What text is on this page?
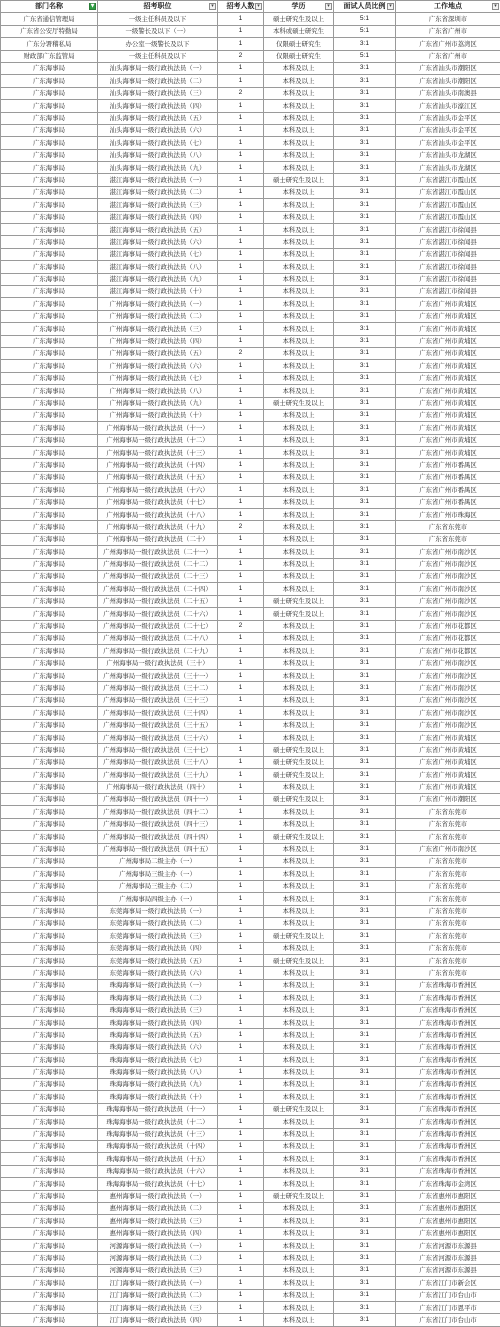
部门名称 ▼	招考职位 ▾	招考人数 ▾	学历 ▾	面试人员比例 ▾	工作地点 ▾

广东省通信管理局	一级主任科员及以下	1	硕士研究生及以上	5:1	广东省深圳市
广东省公安厅特勤局	一级警长及以下（一）	1	本科或硕士研究生	5:1	广东省广州市
广东分署稽私局	办公室一级警长及以下	1	仅限硕士研究生	3:1	广东省广州市荔湾区
财政部广东监管局	一级主任科员及以下	2	仅限硕士研究生	5:1	广东省广州市
广东海事局	汕头海事局一级行政执法员（一）	1	本科及以上	3:1	广东省汕头市潮阳区
广东海事局	汕头海事局一级行政执法员（二）	1	本科及以上	3:1	广东省汕头市潮阳区
广东海事局	汕头海事局一级行政执法员（三）	2	本科及以上	3:1	广东省汕头市南澳县
广东海事局	汕头海事局一级行政执法员（四）	1	本科及以上	3:1	广东省汕头市濠江区
广东海事局	汕头海事局一级行政执法员（五）	1	本科及以上	3:1	广东省汕头市金平区
广东海事局	汕头海事局一级行政执法员（六）	1	本科及以上	3:1	广东省汕头市金平区
广东海事局	汕头海事局一级行政执法员（七）	1	本科及以上	3:1	广东省汕头市金平区
广东海事局	汕头海事局一级行政执法员（八）	1	本科及以上	3:1	广东省汕头市龙湖区
广东海事局	汕头海事局一级行政执法员（九）	1	本科及以上	3:1	广东省汕头市龙湖区
广东海事局	湛江海事局一级行政执法员（一）	1	硕士研究生及以上	3:1	广东省湛江市霞山区
广东海事局	湛江海事局一级行政执法员（二）	1	本科及以上	3:1	广东省湛江市霞山区
广东海事局	湛江海事局一级行政执法员（三）	1	本科及以上	3:1	广东省湛江市霞山区
广东海事局	湛江海事局一级行政执法员（四）	1	本科及以上	3:1	广东省湛江市霞山区
广东海事局	湛江海事局一级行政执法员（五）	1	本科及以上	3:1	广东省湛江市徐闻县
广东海事局	湛江海事局一级行政执法员（六）	1	本科及以上	3:1	广东省湛江市徐闻县
广东海事局	湛江海事局一级行政执法员（七）	1	本科及以上	3:1	广东省湛江市徐闻县
广东海事局	湛江海事局一级行政执法员（八）	1	本科及以上	3:1	广东省湛江市徐闻县
广东海事局	湛江海事局一级行政执法员（九）	1	本科及以上	3:1	广东省湛江市徐闻县
广东海事局	湛江海事局一级行政执法员（十）	1	本科及以上	3:1	广东省湛江市徐闻县
广东海事局	广州海事局一级行政执法员（一）	1	本科及以上	3:1	广东省广州市黄埔区
广东海事局	广州海事局一级行政执法员（二）	1	本科及以上	3:1	广东省广州市黄埔区
广东海事局	广州海事局一级行政执法员（三）	1	本科及以上	3:1	广东省广州市黄埔区
广东海事局	广州海事局一级行政执法员（四）	1	本科及以上	3:1	广东省广州市黄埔区
广东海事局	广州海事局一级行政执法员（五）	2	本科及以上	3:1	广东省广州市黄埔区
广东海事局	广州海事局一级行政执法员（六）	1	本科及以上	3:1	广东省广州市黄埔区
广东海事局	广州海事局一级行政执法员（七）	1	本科及以上	3:1	广东省广州市黄埔区
广东海事局	广州海事局一级行政执法员（八）	1	本科及以上	3:1	广东省广州市黄埔区
广东海事局	广州海事局一级行政执法员（九）	1	硕士研究生及以上	3:1	广东省广州市黄埔区
广东海事局	广州海事局一级行政执法员（十）	1	本科及以上	3:1	广东省广州市黄埔区
广东海事局	广州海事局一级行政执法员（十一）	1	本科及以上	3:1	广东省广州市黄埔区
广东海事局	广州海事局一级行政执法员（十二）	1	本科及以上	3:1	广东省广州市黄埔区
广东海事局	广州海事局一级行政执法员（十三）	1	本科及以上	3:1	广东省广州市黄埔区
广东海事局	广州海事局一级行政执法员（十四）	1	本科及以上	3:1	广东省广州市番禺区
广东海事局	广州海事局一级行政执法员（十五）	1	本科及以上	3:1	广东省广州市番禺区
广东海事局	广州海事局一级行政执法员（十六）	1	本科及以上	3:1	广东省广州市番禺区
广东海事局	广州海事局一级行政执法员（十七）	1	本科及以上	3:1	广东省广州市番禺区
广东海事局	广州海事局一级行政执法员（十八）	1	本科及以上	3:1	广东省广州市珠海区
广东海事局	广州海事局一级行政执法员（十九）	2	本科及以上	3:1	广东省东莞市
广东海事局	广州海事局一级行政执法员（二十）	1	本科及以上	3:1	广东省东莞市
广东海事局	广州海事局一级行政执法员（二十一）	1	本科及以上	3:1	广东省广州市南沙区
广东海事局	广州海事局一级行政执法员（二十二）	1	本科及以上	3:1	广东省广州市南沙区
广东海事局	广州海事局一级行政执法员（二十三）	1	本科及以上	3:1	广东省广州市南沙区
广东海事局	广州海事局一级行政执法员（二十四）	1	本科及以上	3:1	广东省广州市南沙区
广东海事局	广州海事局一级行政执法员（二十五）	1	硕士研究生及以上	3:1	广东省广州市南沙区
广东海事局	广州海事局一级行政执法员（二十六）	1	硕士研究生及以上	3:1	广东省广州市南沙区
广东海事局	广州海事局一级行政执法员（二十七）	2	本科及以上	3:1	广东省广州市花都区
广东海事局	广州海事局一级行政执法员（二十八）	1	本科及以上	3:1	广东省广州市花都区
广东海事局	广州海事局一级行政执法员（二十九）	1	本科及以上	3:1	广东省广州市花都区
广东海事局	广州海事局一级行政执法员（三十）	1	本科及以上	3:1	广东省广州市南沙区
广东海事局	广州海事局一级行政执法员（三十一）	1	本科及以上	3:1	广东省广州市南沙区
广东海事局	广州海事局一级行政执法员（三十二）	1	本科及以上	3:1	广东省广州市南沙区
广东海事局	广州海事局一级行政执法员（三十三）	1	本科及以上	3:1	广东省广州市南沙区
广东海事局	广州海事局一级行政执法员（三十四）	1	本科及以上	3:1	广东省广州市南沙区
广东海事局	广州海事局一级行政执法员（三十五）	1	本科及以上	3:1	广东省广州市南沙区
广东海事局	广州海事局一级行政执法员（三十六）	1	本科及以上	3:1	广东省广州市黄埔区
广东海事局	广州海事局一级行政执法员（三十七）	1	硕士研究生及以上	3:1	广东省广州市黄埔区
广东海事局	广州海事局一级行政执法员（三十八）	1	硕士研究生及以上	3:1	广东省广州市黄埔区
广东海事局	广州海事局一级行政执法员（三十九）	1	硕士研究生及以上	3:1	广东省广州市黄埔区
广东海事局	广州海事局一级行政执法员（四十）	1	本科及以上	3:1	广东省广州市黄埔区
广东海事局	广州海事局一级行政执法员（四十一）	1	硕士研究生及以上	3:1	广东省广州市潮阳区
广东海事局	广州海事局一级行政执法员（四十二）	1	本科及以上	3:1	广东省东莞市
广东海事局	广州海事局一级行政执法员（四十三）	1	本科及以上	3:1	广东省东莞市
广东海事局	广州海事局一级行政执法员（四十四）	1	硕士研究生及以上	3:1	广东省东莞市
广东海事局	广州海事局一级行政执法员（四十五）	1	本科及以上	3:1	广东省广州市南沙区
广东海事局	广州海事局二级主办（一）	1	本科及以上	3:1	广东省东莞市
广东海事局	广州海事局三级主办（一）	1	本科及以上	3:1	广东省东莞市
广东海事局	广州海事局三级主办（二）	1	本科及以上	3:1	广东省东莞市
广东海事局	广州海事局四级主办（一）	1	本科及以上	3:1	广东省东莞市
广东海事局	东莞海事局一级行政执法员（一）	1	本科及以上	3:1	广东省东莞市
广东海事局	东莞海事局一级行政执法员（二）	1	本科及以上	3:1	广东省东莞市
广东海事局	东莞海事局一级行政执法员（三）	1	硕士研究生及以上	3:1	广东省东莞市
广东海事局	东莞海事局一级行政执法员（四）	1	本科及以上	3:1	广东省东莞市
广东海事局	东莞海事局一级行政执法员（五）	1	硕士研究生及以上	3:1	广东省东莞市
广东海事局	东莞海事局一级行政执法员（六）	1	本科及以上	3:1	广东省东莞市
广东海事局	珠海海事局一级行政执法员（一）	1	本科及以上	3:1	广东省珠海市香洲区
广东海事局	珠海海事局一级行政执法员（二）	1	本科及以上	3:1	广东省珠海市香洲区
广东海事局	珠海海事局一级行政执法员（三）	1	本科及以上	3:1	广东省珠海市香洲区
广东海事局	珠海海事局一级行政执法员（四）	1	本科及以上	3:1	广东省珠海市香洲区
广东海事局	珠海海事局一级行政执法员（五）	1	本科及以上	3:1	广东省珠海市香洲区
广东海事局	珠海海事局一级行政执法员（六）	1	本科及以上	3:1	广东省珠海市香洲区
广东海事局	珠海海事局一级行政执法员（七）	1	本科及以上	3:1	广东省珠海市香洲区
广东海事局	珠海海事局一级行政执法员（八）	1	本科及以上	3:1	广东省珠海市香洲区
广东海事局	珠海海事局一级行政执法员（九）	1	本科及以上	3:1	广东省珠海市香洲区
广东海事局	珠海海事局一级行政执法员（十）	1	本科及以上	3:1	广东省珠海市香洲区
广东海事局	珠海海事局一级行政执法员（十一）	1	硕士研究生及以上	3:1	广东省珠海市香洲区
广东海事局	珠海海事局一级行政执法员（十二）	1	本科及以上	3:1	广东省珠海市香洲区
广东海事局	珠海海事局一级行政执法员（十三）	1	本科及以上	3:1	广东省珠海市香洲区
广东海事局	珠海海事局一级行政执法员（十四）	1	本科及以上	3:1	广东省珠海市香洲区
广东海事局	珠海海事局一级行政执法员（十五）	1	本科及以上	3:1	广东省珠海市香洲区
广东海事局	珠海海事局一级行政执法员（十六）	1	本科及以上	3:1	广东省珠海市香洲区
广东海事局	珠海海事局一级行政执法员（十七）	1	本科及以上	3:1	广东省珠海市金湾区
广东海事局	惠州海事局一级行政执法员（一）	1	硕士研究生及以上	3:1	广东省惠州市惠阳区
广东海事局	惠州海事局一级行政执法员（二）	1	本科及以上	3:1	广东省惠州市惠阳区
广东海事局	惠州海事局一级行政执法员（三）	1	本科及以上	3:1	广东省惠州市惠阳区
广东海事局	惠州海事局一级行政执法员（四）	1	本科及以上	3:1	广东省惠州市惠阳区
广东海事局	河源海事局一级行政执法员（一）	1	本科及以上	3:1	广东省河源市东源县
广东海事局	河源海事局一级行政执法员（二）	1	本科及以上	3:1	广东省河源市东源县
广东海事局	河源海事局一级行政执法员（三）	1	本科及以上	3:1	广东省河源市东源县
广东海事局	江门海事局一级行政执法员（一）	1	本科及以上	3:1	广东省江门市新会区
广东海事局	江门海事局一级行政执法员（二）	1	本科及以上	3:1	广东省江门市台山市
广东海事局	江门海事局一级行政执法员（三）	1	本科及以上	3:1	广东省江门市恩平市
广东海事局	江门海事局一级行政执法员（四）	1	本科及以上	3:1	广东省江门市台山市
